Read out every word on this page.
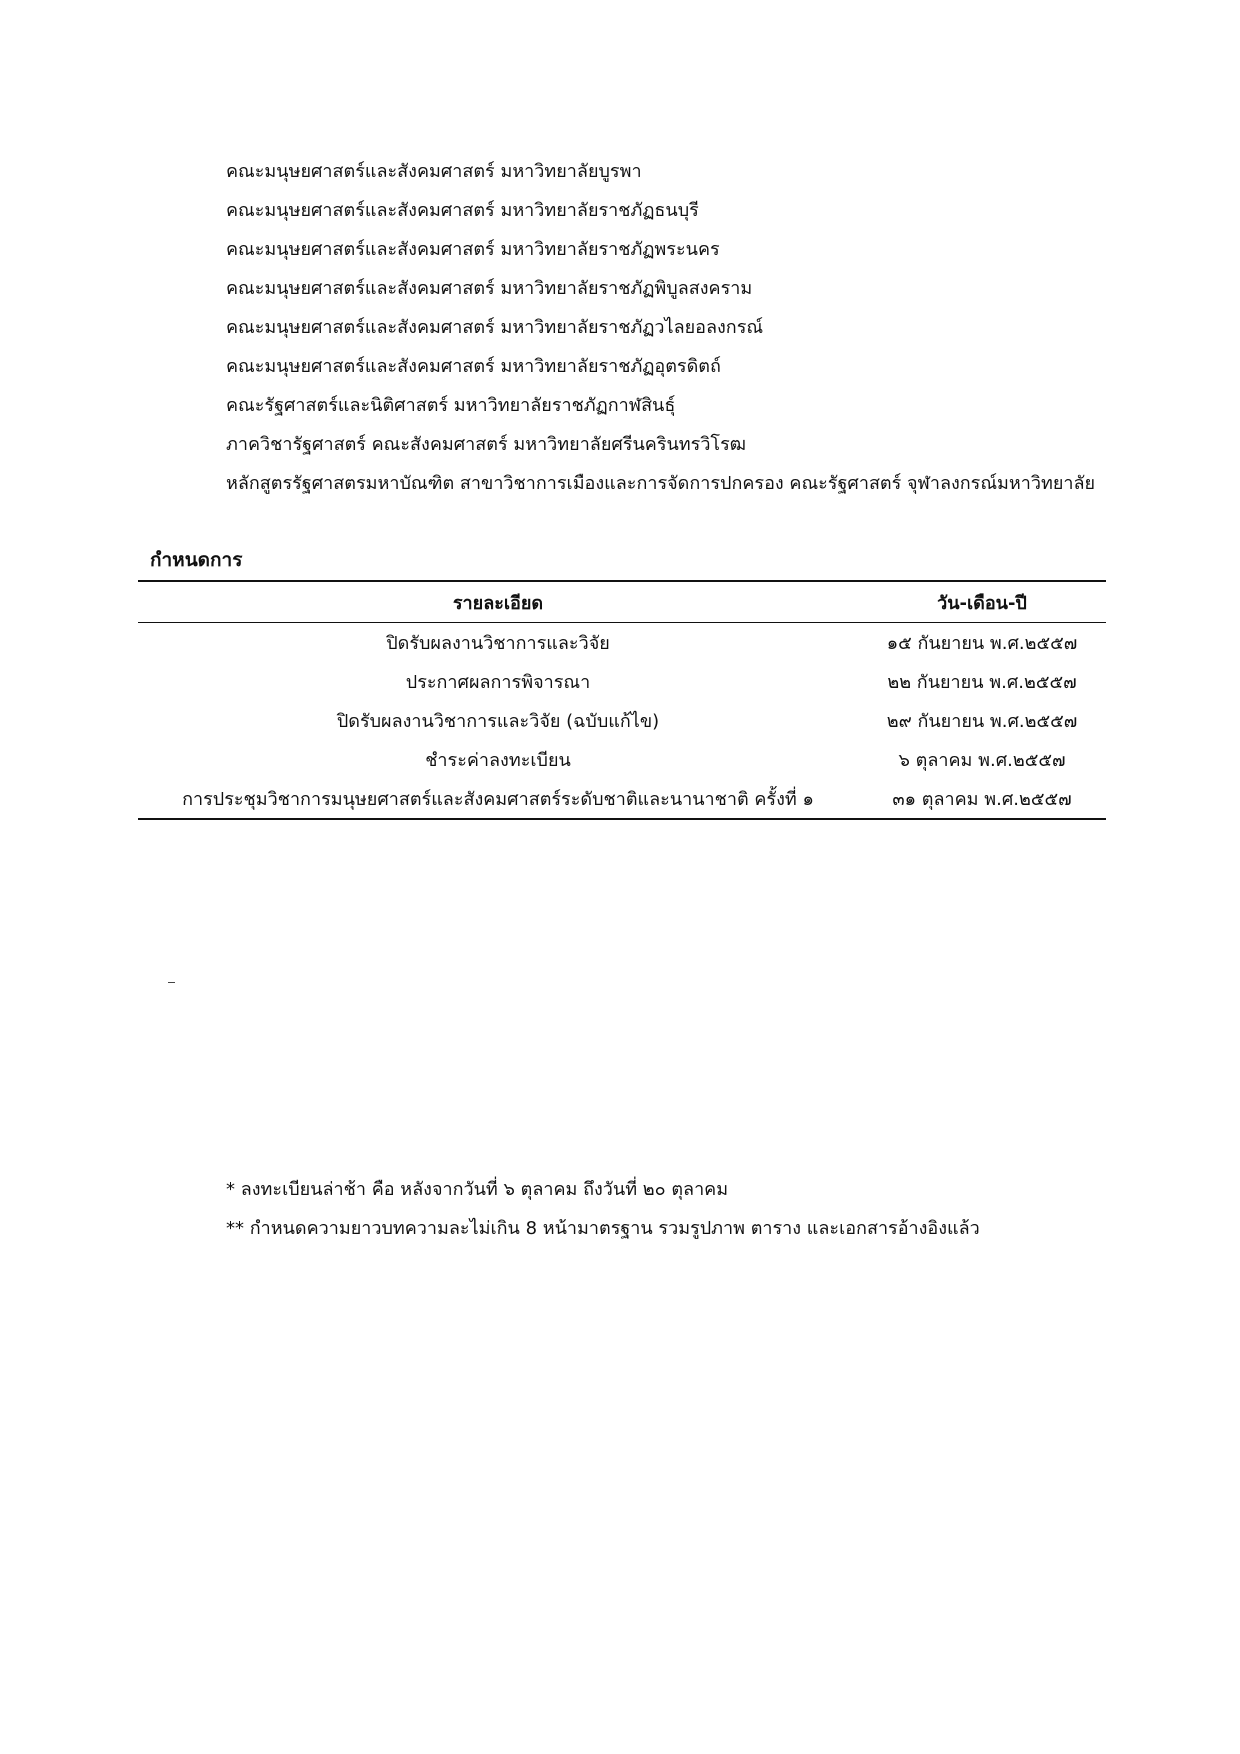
คณะมนุษยศาสตร์และสังคมศาสตร์ มหาวิทยาลัยบูรพา
คณะมนุษยศาสตร์และสังคมศาสตร์ มหาวิทยาลัยราชภัฏธนบุรี
คณะมนุษยศาสตร์และสังคมศาสตร์ มหาวิทยาลัยราชภัฏพระนคร
คณะมนุษยศาสตร์และสังคมศาสตร์ มหาวิทยาลัยราชภัฏพิบูลสงคราม
คณะมนุษยศาสตร์และสังคมศาสตร์ มหาวิทยาลัยราชภัฏวไลยอลงกรณ์
คณะมนุษยศาสตร์และสังคมศาสตร์ มหาวิทยาลัยราชภัฏอุตรดิตถ์
คณะรัฐศาสตร์และนิติศาสตร์ มหาวิทยาลัยราชภัฏกาฬสินธุ์
ภาควิชารัฐศาสตร์ คณะสังคมศาสตร์ มหาวิทยาลัยศรีนครินทรวิโรฒ
หลักสูตรรัฐศาสตรมหาบัณฑิต สาขาวิชาการเมืองและการจัดการปกครอง คณะรัฐศาสตร์ จุฬาลงกรณ์มหาวิทยาลัย
กำหนดการ
รายละเอียด	วัน-เดือน-ปี
ปิดรับผลงานวิชาการและวิจัย	๑๕ กันยายน พ.ศ.๒๕๕๗
ประกาศผลการพิจารณา	๒๒ กันยายน พ.ศ.๒๕๕๗
ปิดรับผลงานวิชาการและวิจัย (ฉบับแก้ไข)	๒๙ กันยายน พ.ศ.๒๕๕๗
ชำระค่าลงทะเบียน	๖ ตุลาคม พ.ศ.๒๕๕๗
การประชุมวิชาการมนุษยศาสตร์และสังคมศาสตร์ระดับชาติและนานาชาติ ครั้งที่ ๑	๓๑ ตุลาคม พ.ศ.๒๕๕๗
* ลงทะเบียนล่าช้า คือ หลังจากวันที่ ๖ ตุลาคม ถึงวันที่ ๒๐ ตุลาคม
** กำหนดความยาวบทความละไม่เกิน 8 หน้ามาตรฐาน รวมรูปภาพ ตาราง และเอกสารอ้างอิงแล้ว
